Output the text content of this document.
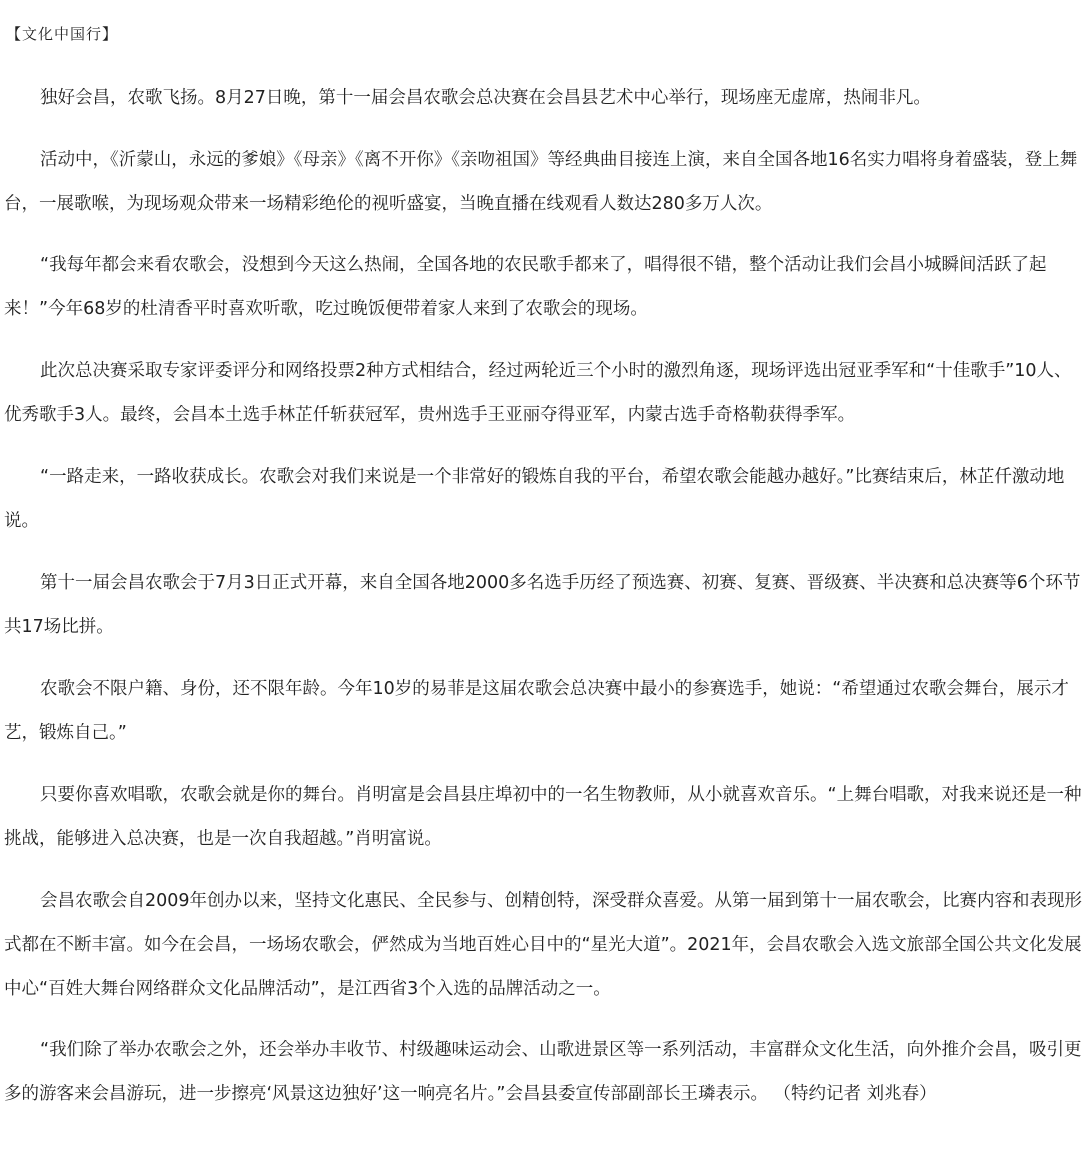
【文化中国行】

独好会昌，农歌飞扬。8月27日晚，第十一届会昌农歌会总决赛在会昌县艺术中心举行，现场座无虚席，热闹非凡。

活动中，《沂蒙山，永远的爹娘》《母亲》《离不开你》《亲吻祖国》等经典曲目接连上演，来自全国各地16名实力唱将身着盛装，登上舞台，一展歌喉，为现场观众带来一场精彩绝伦的视听盛宴，当晚直播在线观看人数达280多万人次。

“我每年都会来看农歌会，没想到今天这么热闹，全国各地的农民歌手都来了，唱得很不错，整个活动让我们会昌小城瞬间活跃了起来！”今年68岁的杜清香平时喜欢听歌，吃过晚饭便带着家人来到了农歌会的现场。

此次总决赛采取专家评委评分和网络投票2种方式相结合，经过两轮近三个小时的激烈角逐，现场评选出冠亚季军和“十佳歌手”10人、优秀歌手3人。最终，会昌本土选手林芷仟斩获冠军，贵州选手王亚丽夺得亚军，内蒙古选手奇格勒获得季军。

“一路走来，一路收获成长。农歌会对我们来说是一个非常好的锻炼自我的平台，希望农歌会能越办越好。”比赛结束后，林芷仟激动地说。

第十一届会昌农歌会于7月3日正式开幕，来自全国各地2000多名选手历经了预选赛、初赛、复赛、晋级赛、半决赛和总决赛等6个环节共17场比拼。

农歌会不限户籍、身份，还不限年龄。今年10岁的易菲是这届农歌会总决赛中最小的参赛选手，她说：“希望通过农歌会舞台，展示才艺，锻炼自己。”

只要你喜欢唱歌，农歌会就是你的舞台。肖明富是会昌县庄埠初中的一名生物教师，从小就喜欢音乐。“上舞台唱歌，对我来说还是一种挑战，能够进入总决赛，也是一次自我超越。”肖明富说。

会昌农歌会自2009年创办以来，坚持文化惠民、全民参与、创精创特，深受群众喜爱。从第一届到第十一届农歌会，比赛内容和表现形式都在不断丰富。如今在会昌，一场场农歌会，俨然成为当地百姓心目中的“星光大道”。2021年，会昌农歌会入选文旅部全国公共文化发展中心“百姓大舞台网络群众文化品牌活动”，是江西省3个入选的品牌活动之一。

“我们除了举办农歌会之外，还会举办丰收节、村级趣味运动会、山歌进景区等一系列活动，丰富群众文化生活，向外推介会昌，吸引更多的游客来会昌游玩，进一步擦亮‘风景这边独好’这一响亮名片。”会昌县委宣传部副部长王璘表示。 （特约记者 刘兆春）
